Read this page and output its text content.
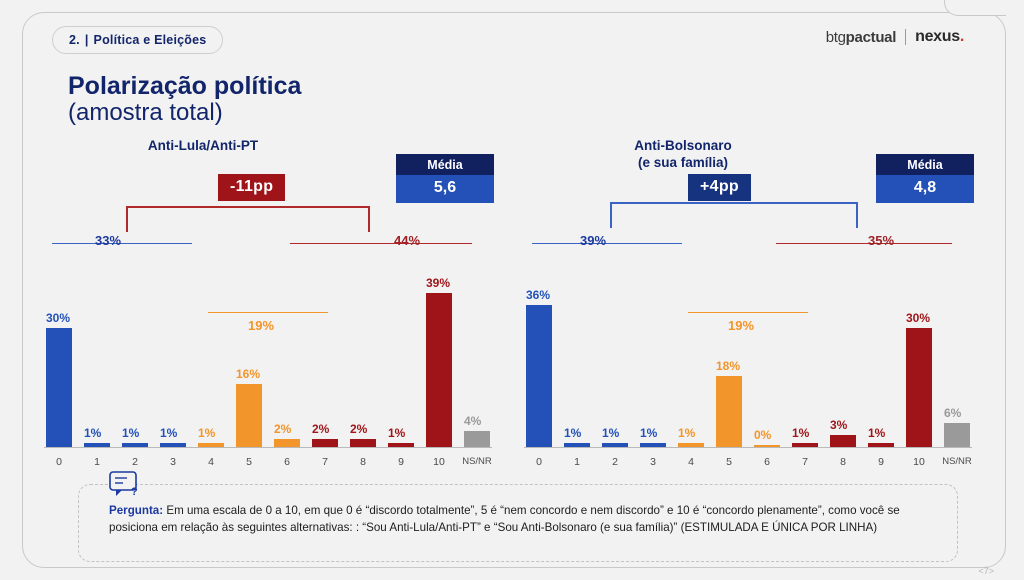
2. | Política e Eleições	btgpactual nexus.
Polarização política
(amostra total)
Anti-Lula/Anti-PT
Média
5,6
-11pp
33%	44%
19%
30%
1% 1% 1% 1%
16%
2% 2% 2% 1%
39%
4%
0	1	2	3	4	5	6	7	8	9	10	NS/NR
Anti-Bolsonaro
(e sua família)	Média
4,8
+4pp
39%	35%
19%
36%
1% 1% 1% 1%
18%
0% 1%
3%
1%
30%
6%
0	1	2	3	4	5	6	7	8	9	10	NS/NR
?
Pergunta: Em uma escala de 0 a 10, em que 0 é “discordo totalmente”, 5 é “nem concordo e nem discordo” e 10 é “concordo plenamente”, como você se posiciona em relação às seguintes alternativas: : “Sou Anti-Lula/Anti-PT” e “Sou Anti-Bolsonaro (e sua família)” (ESTIMULADA E ÚNICA POR LINHA)
<7>
